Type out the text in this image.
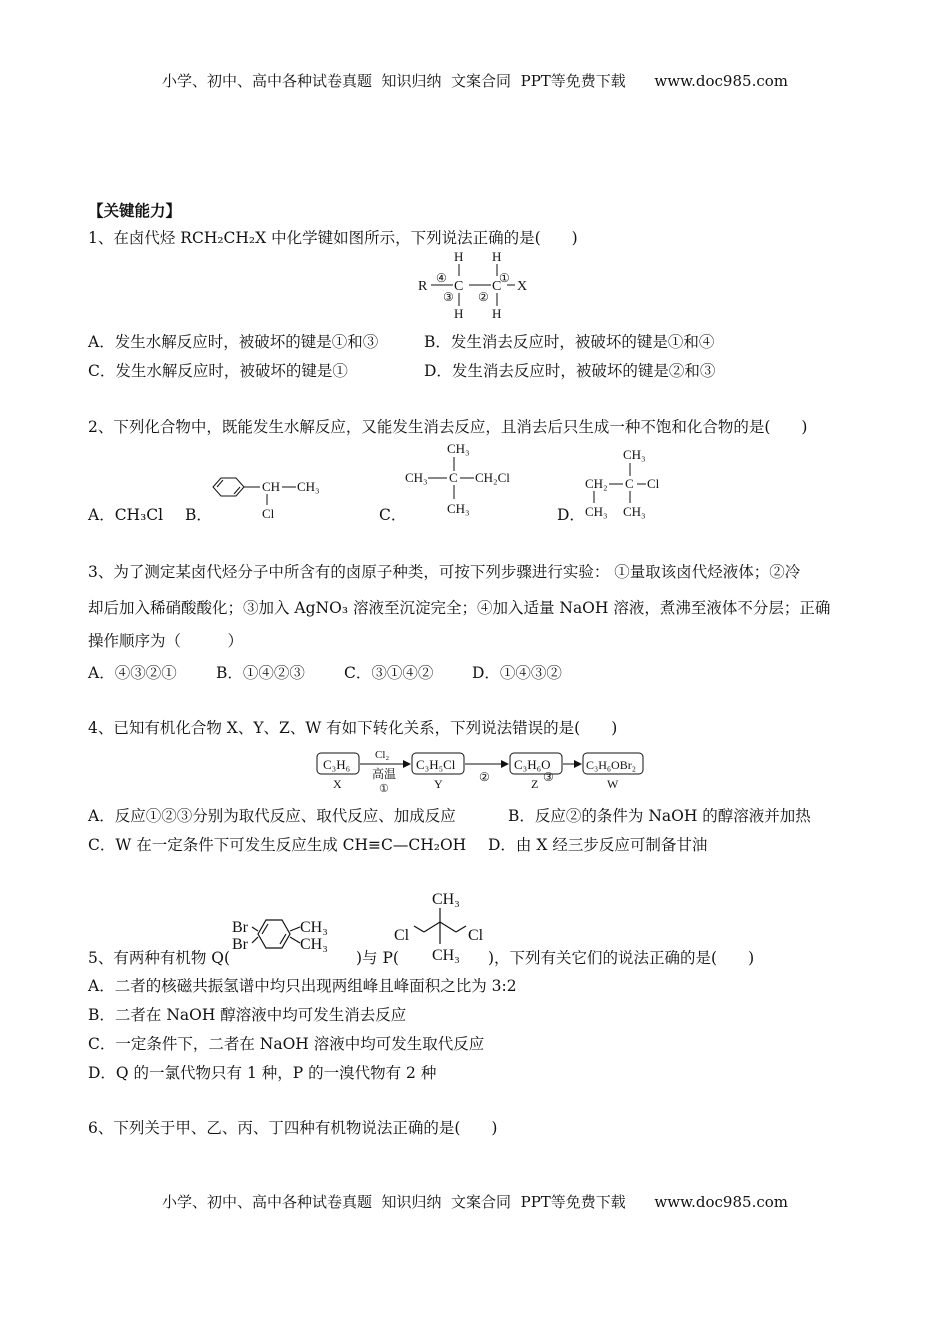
小学、初中、高中各种试卷真题  知识归纳  文案合同  PPT等免费下载      www.doc985.com
【关键能力】
1、在卤代烃 RCH₂CH₂X 中化学键如图所示，下列说法正确的是(　　)
R C C X
H H
H H
④	①
③ ②
A．发生水解反应时，被破坏的键是①和③	B．发生消去反应时，被破坏的键是①和④
C．发生水解反应时，被破坏的键是①	D．发生消去反应时，被破坏的键是②和③
2、下列化合物中，既能发生水解反应，又能发生消去反应，且消去后只生成一种不饱和化合物的是(　　)
A．CH₃Cl B．
CH CH₃
Cl	C．
CH₃
CH₃ C CH₂Cl
CH₃	D．
CH₃
CH₂ C Cl
CH₃ CH₃
3、为了测定某卤代烃分子中所含有的卤原子种类，可按下列步骤进行实验： ①量取该卤代烃液体；②冷
却后加入稀硝酸酸化；③加入 AgNO₃ 溶液至沉淀完全；④加入适量 NaOH 溶液，煮沸至液体不分层；正确
操作顺序为（　　　）
A．④③②①	B．①④②③	C．③①④② D．①④③②
4、已知有机化合物 X、Y、Z、W 有如下转化关系，下列说法错误的是(　　)
C₃H₆
X
Cl₂
高温
①
C₃H₅Cl
Y	②
C₃H₆O
Z ③
C₃H₆OBr₂
W
A．反应①②③分别为取代反应、取代反应、加成反应	B．反应②的条件为 NaOH 的醇溶液并加热
C．W 在一定条件下可发生反应生成 CH≡C—CH₂OH D．由 X 经三步反应可制备甘油
5、有两种有机物 Q(
Br
Br
CH₃
CH₃
)与 P(
CH₃
Cl	Cl
CH₃ )，下列有关它们的说法正确的是(　　)
A．二者的核磁共振氢谱中均只出现两组峰且峰面积之比为 3:2
B．二者在 NaOH 醇溶液中均可发生消去反应
C．一定条件下，二者在 NaOH 溶液中均可发生取代反应
D．Q 的一氯代物只有 1 种，P 的一溴代物有 2 种
6、下列关于甲、乙、丙、丁四种有机物说法正确的是(　　)
小学、初中、高中各种试卷真题  知识归纳  文案合同  PPT等免费下载      www.doc985.com
